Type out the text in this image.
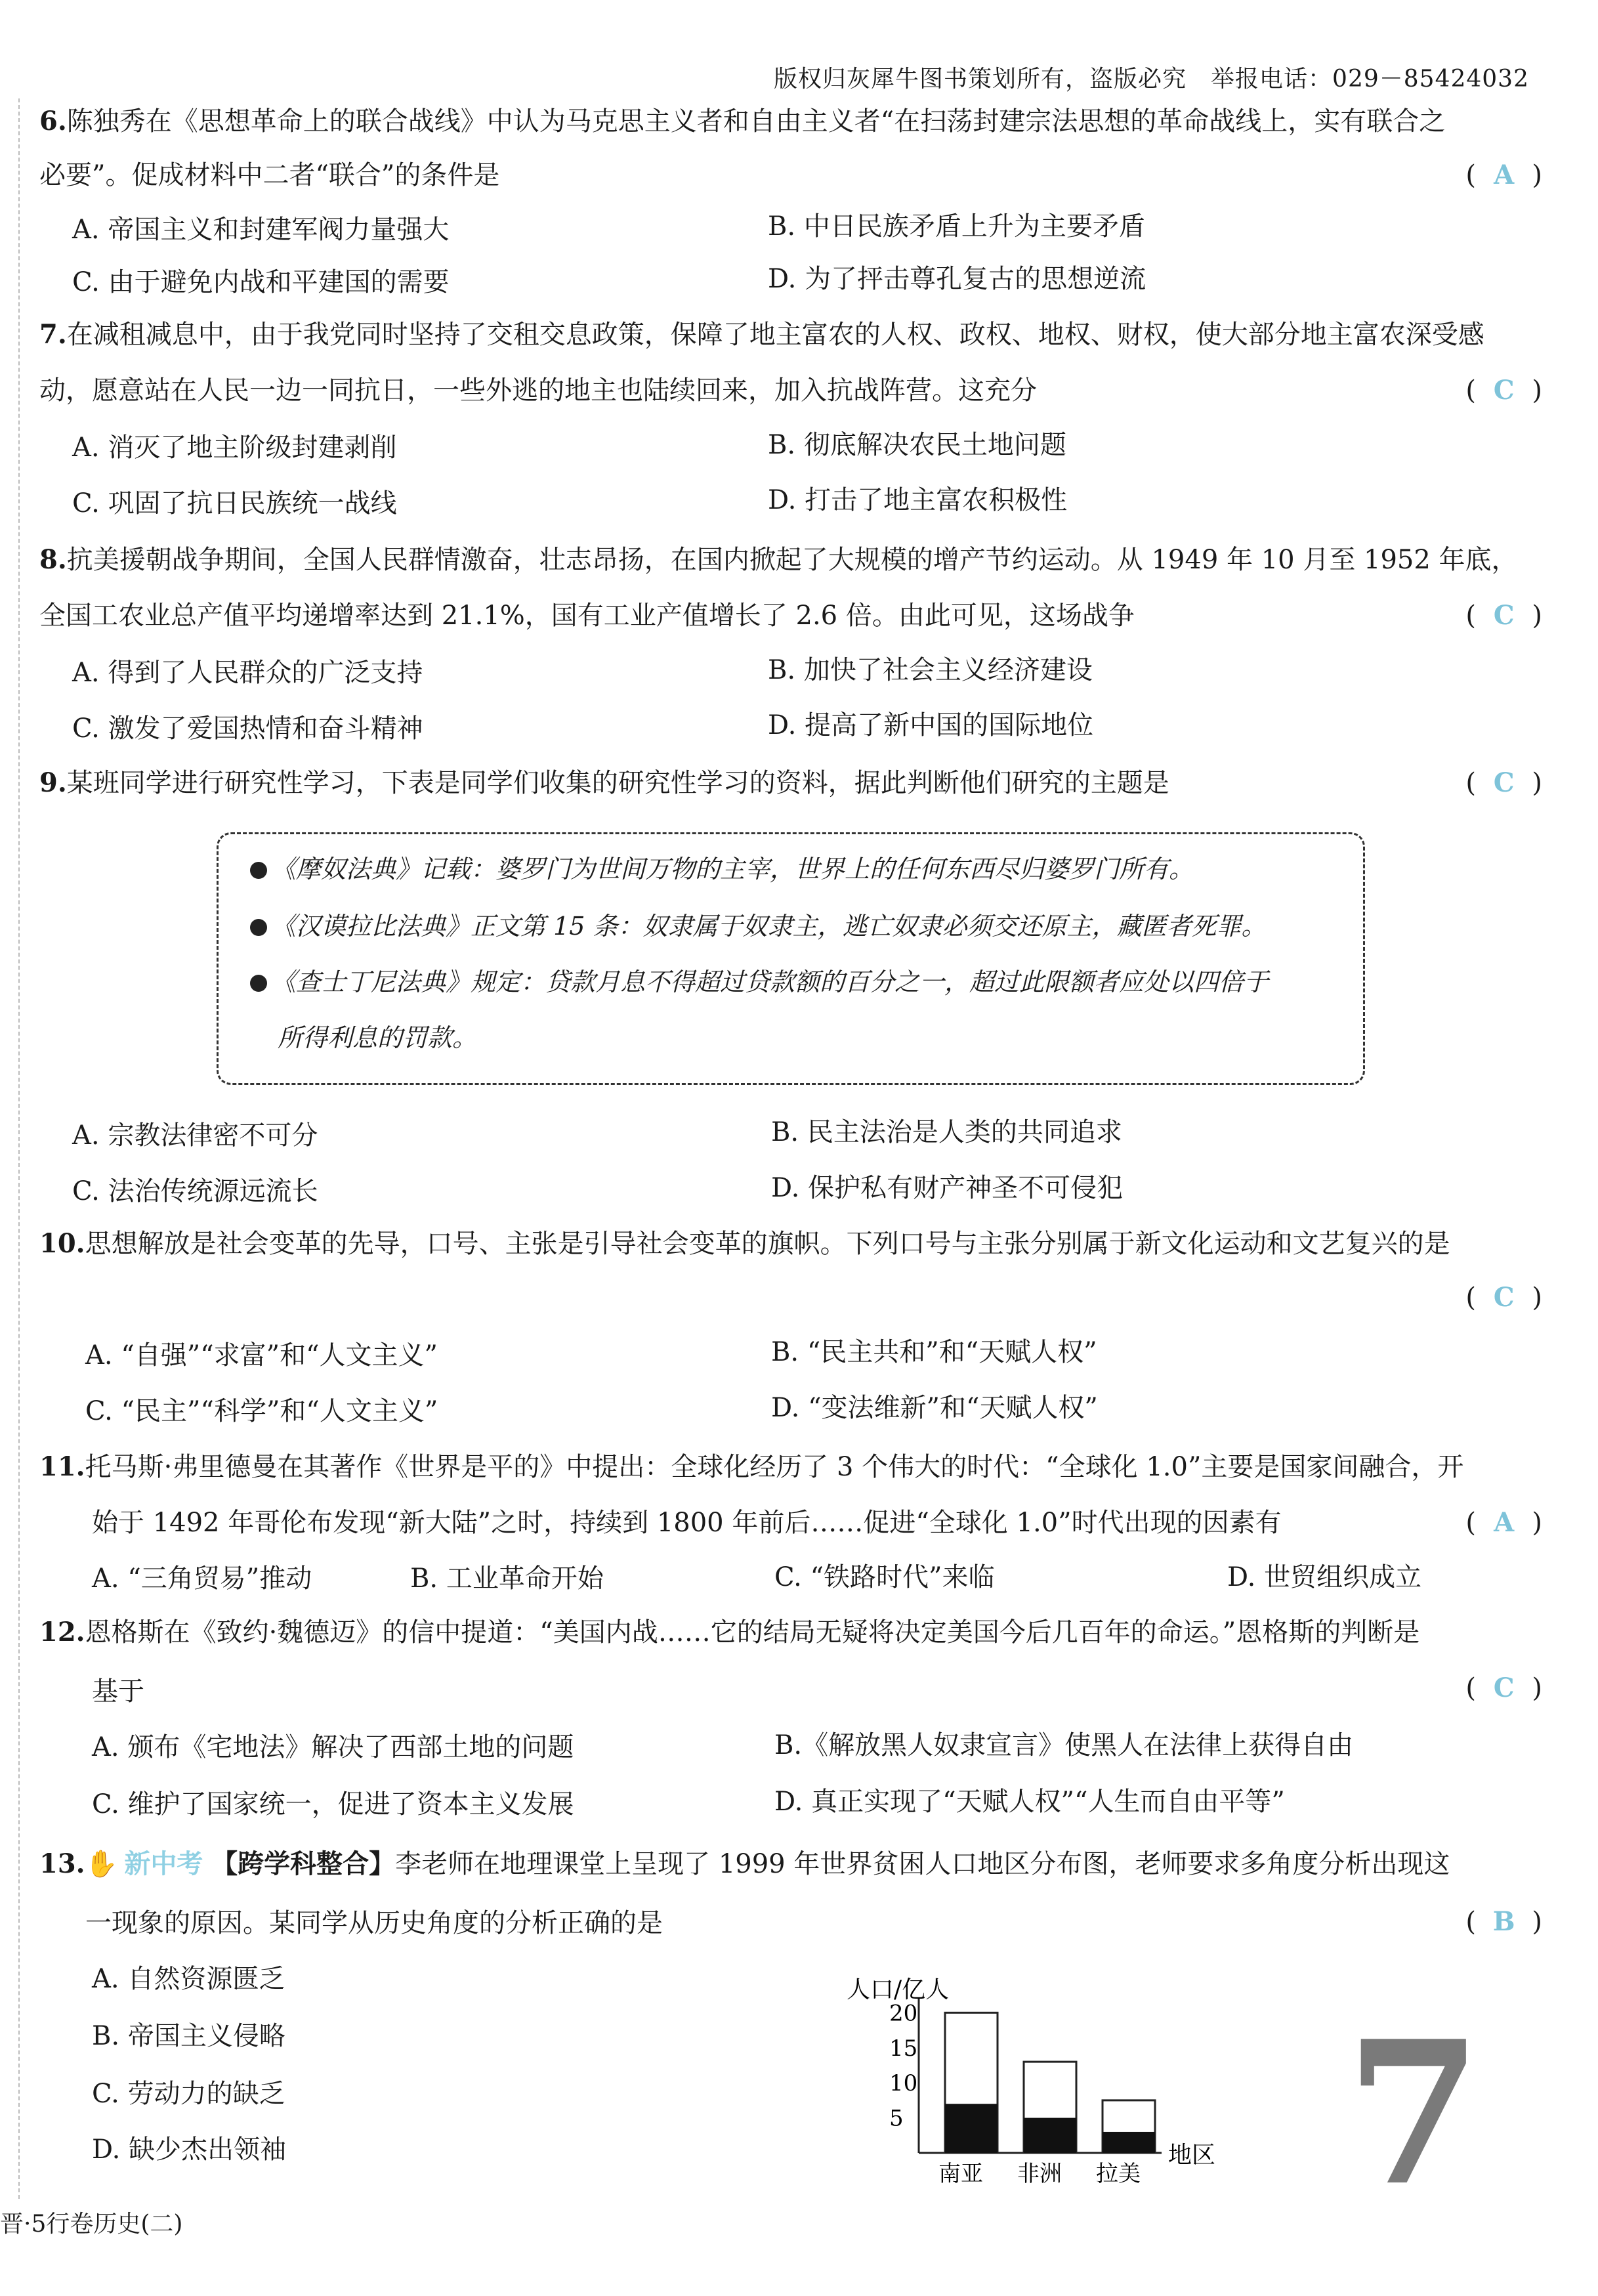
版权归灰犀牛图书策划所有，盗版必究　举报电话：029－85424032
6.陈独秀在《思想革命上的联合战线》中认为马克思主义者和自由主义者“在扫荡封建宗法思想的革命战线上，实有联合之
必要”。促成材料中二者“联合”的条件是	( A )
A. 帝国主义和封建军阀力量强大	B. 中日民族矛盾上升为主要矛盾
C. 由于避免内战和平建国的需要	D. 为了抨击尊孔复古的思想逆流
7.在减租减息中，由于我党同时坚持了交租交息政策，保障了地主富农的人权、政权、地权、财权，使大部分地主富农深受感
动，愿意站在人民一边一同抗日，一些外逃的地主也陆续回来，加入抗战阵营。这充分	( C )
A. 消灭了地主阶级封建剥削	B. 彻底解决农民土地问题
C. 巩固了抗日民族统一战线	D. 打击了地主富农积极性
8.抗美援朝战争期间，全国人民群情激奋，壮志昂扬，在国内掀起了大规模的增产节约运动。从 1949 年 10 月至 1952 年底，
全国工农业总产值平均递增率达到 21.1%，国有工业产值增长了 2.6 倍。由此可见，这场战争	( C )
A. 得到了人民群众的广泛支持	B. 加快了社会主义经济建设
C. 激发了爱国热情和奋斗精神	D. 提高了新中国的国际地位
9.某班同学进行研究性学习，下表是同学们收集的研究性学习的资料，据此判断他们研究的主题是	( C )
《摩奴法典》记载：婆罗门为世间万物的主宰，世界上的任何东西尽归婆罗门所有。
《汉谟拉比法典》正文第 15 条：奴隶属于奴隶主，逃亡奴隶必须交还原主，藏匿者死罪。
《查士丁尼法典》规定：贷款月息不得超过贷款额的百分之一，超过此限额者应处以四倍于
所得利息的罚款。
A. 宗教法律密不可分	B. 民主法治是人类的共同追求
C. 法治传统源远流长	D. 保护私有财产神圣不可侵犯
10.思想解放是社会变革的先导，口号、主张是引导社会变革的旗帜。下列口号与主张分别属于新文化运动和文艺复兴的是
( C )
A. “自强”“求富”和“人文主义”	B. “民主共和”和“天赋人权”
C. “民主”“科学”和“人文主义”	D. “变法维新”和“天赋人权”
11.托马斯·弗里德曼在其著作《世界是平的》中提出：全球化经历了 3 个伟大的时代：“全球化 1.0”主要是国家间融合，开
始于 1492 年哥伦布发现“新大陆”之时，持续到 1800 年前后……促进“全球化 1.0”时代出现的因素有	( A )
A. “三角贸易”推动	B. 工业革命开始	C. “铁路时代”来临	D. 世贸组织成立
12.恩格斯在《致约·魏德迈》的信中提道：“美国内战……它的结局无疑将决定美国今后几百年的命运。”恩格斯的判断是
基于	( C )
A. 颁布《宅地法》解决了西部土地的问题	B.《解放黑人奴隶宣言》使黑人在法律上获得自由
C. 维护了国家统一，促进了资本主义发展	D. 真正实现了“天赋人权”“人生而自由平等”
13.✋ 新中考 【跨学科整合】李老师在地理课堂上呈现了 1999 年世界贫困人口地区分布图，老师要求多角度分析出现这
一现象的原因。某同学从历史角度的分析正确的是	( B )
A. 自然资源匮乏
B. 帝国主义侵略
C. 劳动力的缺乏
D. 缺少杰出领袖
人口/亿人
5
10
15
20
南亚 非洲 拉美
地区 7
晋·5行卷历史(二)
